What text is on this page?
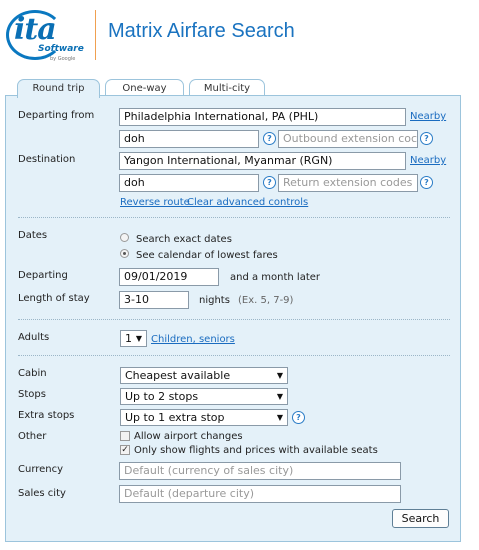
ita
Software
by Google
Matrix Airfare Search
Round trip	One-way	Multi-city
Departing from	Philadelphia International, PA (PHL)	Nearby
doh	?	Outbound extension coc ?
Destination	Yangon International, Myanmar (RGN)	Nearby
doh	?	Return extension codes	?
Reverse route
Clear advanced controls
Dates	Search exact dates
See calendar of lowest fares
Departing	09/01/2019	and a month later
Length of stay	3-10	nights (Ex. 5, 7-9)
Adults	1 ▼ Children, seniors
Cabin	Cheapest available	▼
Stops	Up to 2 stops	▼
Extra stops	Up to 1 extra stop	▼	?
Other	Allow airport changes
✓ Only show flights and prices with available seats
Currency	Default (currency of sales city)
Sales city	Default (departure city)
Search
